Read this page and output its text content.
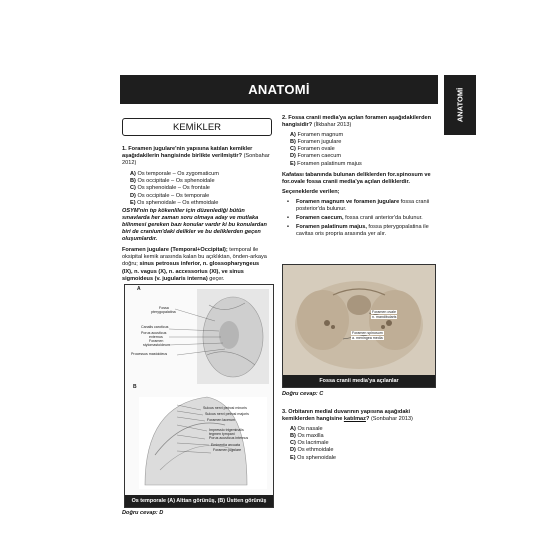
ANATOMİ	ANATOMİ
KEMİKLER

1. Foramen jugulare'nin yapısına katılan kemikler aşağıdakilerin hangisinde birlikte verilmiştir? (Sonbahar 2012)

A) Os temporale – Os zygomaticum

B) Os occipitale – Os sphenoidale

C) Os sphenoidale – Os frontale

D) Os occipitale – Os temporale

E) Os sphenoidale – Os ethmoidale

OSYM'nin tıp kökenliler için düzenlediği bütün sınavlarda her zaman soru olmaya aday ve mutlaka bilinmesi gereken bazı konular vardır ki bu konulardan biri de cranium'daki delikler ve bu deliklerden geçen oluşumlardır.

Foramen jugulare (Temporal+Occipital); temporal ile oksipital kemik arasında kalan bu açıklıktan, önden-arkaya doğru; sinus petrosus inferior, n. glossopharyngeus (IX), n. vagus (X), n. accessorius (XI), ve sinus sigmoideus (v. jugularis interna) geçer.

A
Fossa
pterygopalatina
Canalis caroticus
Porus acusticus
externus
Foramen
stylomastoideum
Processus mastoideus
B
Sulcus nervi petrosi minoris
Sulcus nervi petrosi majoris
Foramen lacerum
Impressio trigeminalis
tegmen tympani
Porus acusticus internus
Eminentia arcuata
Foramen jugulare
Os temporale (A) Alttan görünüş, (B) Üstten görünüş
Doğru cevap: D

2. Fossa cranii media'ya açılan foramen aşağıdakilerden hangisidir? (İlkbahar 2013)

A) Foramen magnum

B) Foramen jugulare

C) Foramen ovale

D) Foramen caecum

E) Foramen palatinum majus

Kafatası tabanında bulunan deliklerden for.spinosum ve for.ovale fossa cranii media'ya açılan deliklerdir.

Seçeneklerde verilen;

• Foramen magnum ve foramen jugulare fossa cranii posterior'da bulunur.
• Foramen caecum, fossa cranii anterior'da bulunur.
• Foramen palatinum majus, fossa pterygopalatina ile cavitas oris propria arasında yer alır.
Foramen ovale
n. mandibularis
Foramen spinosum
a. meningea media
Fossa cranii media'ya açılanlar
Doğru cevap: C

3. Orbitanın medial duvarının yapısına aşağıdaki kemiklerden hangisine katılmaz? (Sonbahar 2013)

A) Os nasale

B) Os maxilla

C) Os lacrimale

D) Os ethmoidale

E) Os sphenoidale
